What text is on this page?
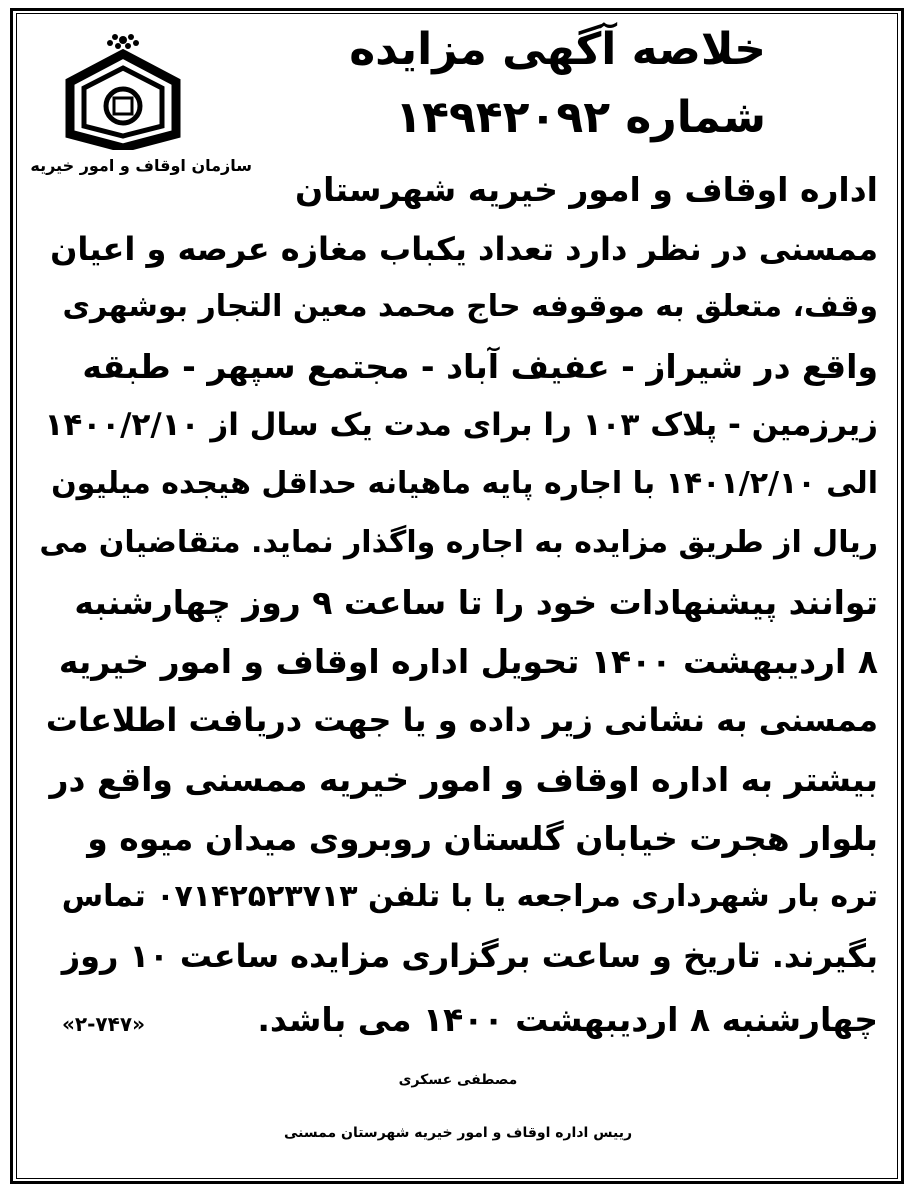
خلاصه آگهی مزایده
شماره ۱۴۹۴۲۰۹۲
سازمان اوقاف و امور خیریه
اداره اوقاف و امور خیریه شهرستان
ممسنی در نظر دارد تعداد یکباب مغازه عرصه و اعیان
وقف، متعلق به موقوفه حاج محمد معین التجار بوشهری
واقع در شیراز - عفیف آباد - مجتمع سپهر - طبقه
زیرزمین - پلاک ۱۰۳ را برای مدت یک سال از ۱۴۰۰/۲/۱۰
الی ۱۴۰۱/۲/۱۰ با اجاره پایه ماهیانه حداقل هیجده میلیون
ریال از طریق مزایده به اجاره واگذار نماید. متقاضیان می
توانند پیشنهادات خود را تا ساعت ۹ روز چهارشنبه
۸ اردیبهشت ۱۴۰۰ تحویل اداره اوقاف و امور خیریه
ممسنی به نشانی زیر داده و یا جهت دریافت اطلاعات
بیشتر به اداره اوقاف و امور خیریه ممسنی واقع در
بلوار هجرت خیابان گلستان روبروی میدان میوه و
تره بار شهرداری مراجعه یا با تلفن ۰۷۱۴۲۵۲۳۷۱۳ تماس
بگیرند. تاریخ و ساعت برگزاری مزایده ساعت ۱۰ روز
چهارشنبه ۸ اردیبهشت ۱۴۰۰ می باشد.
«۲-۷۴۷»
مصطفی عسکری
رییس اداره اوقاف و امور خیریه شهرستان ممسنی
